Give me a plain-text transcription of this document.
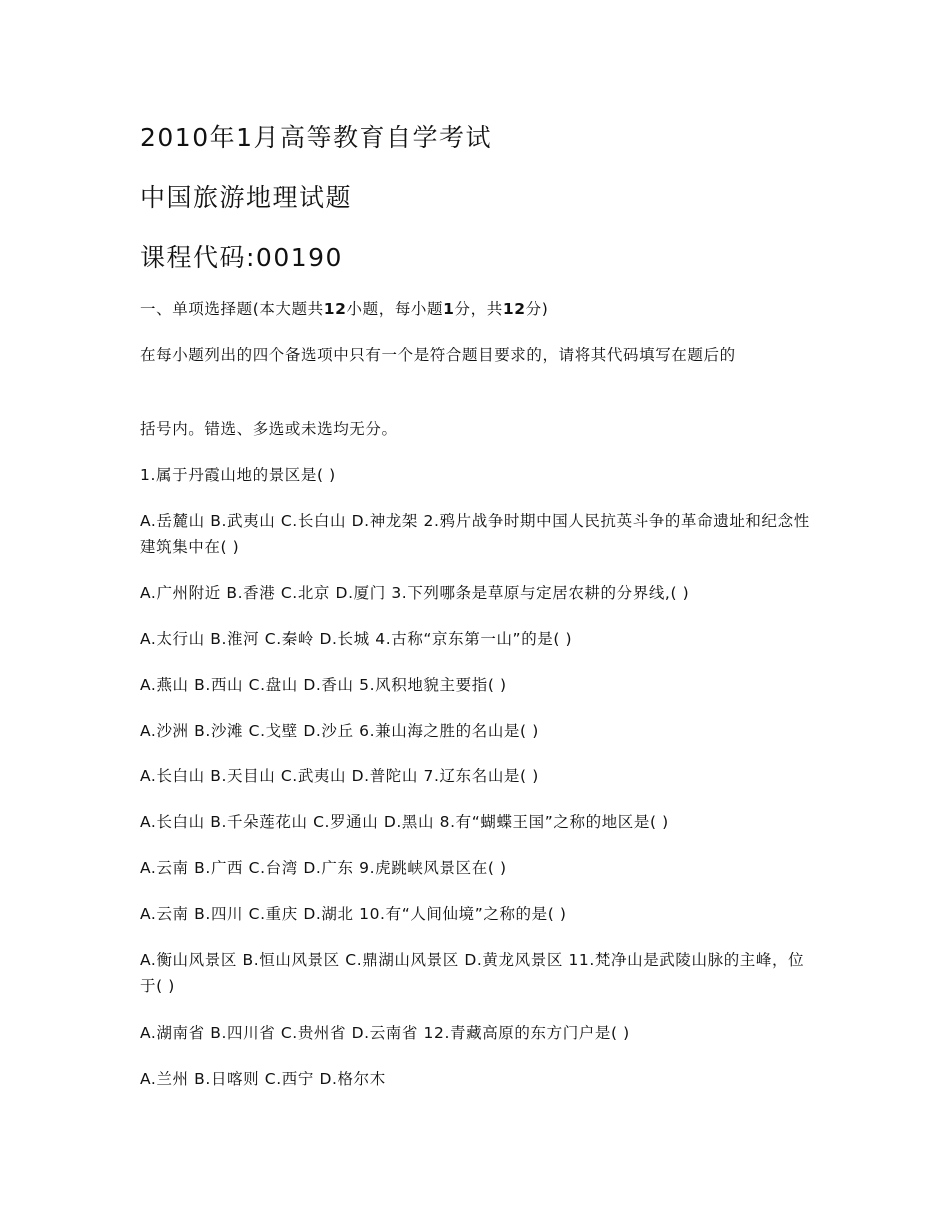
2010年1月高等教育自学考试
中国旅游地理试题
课程代码:00190
一、单项选择题(本大题共12小题，每小题1分，共12分)
在每小题列出的四个备选项中只有一个是符合题目要求的，请将其代码填写在题后的
括号内。错选、多选或未选均无分。
1.属于丹霞山地的景区是( )
A.岳麓山 B.武夷山 C.长白山 D.神龙架 2.鸦片战争时期中国人民抗英斗争的革命遗址和纪念性建筑集中在( )
A.广州附近 B.香港 C.北京 D.厦门 3.下列哪条是草原与定居农耕的分界线,( )
A.太行山 B.淮河 C.秦岭 D.长城 4.古称“京东第一山”的是( )
A.燕山 B.西山 C.盘山 D.香山 5.风积地貌主要指( )
A.沙洲 B.沙滩 C.戈壁 D.沙丘 6.兼山海之胜的名山是( )
A.长白山 B.天目山 C.武夷山 D.普陀山 7.辽东名山是( )
A.长白山 B.千朵莲花山 C.罗通山 D.黑山 8.有“蝴蝶王国”之称的地区是( )
A.云南 B.广西 C.台湾 D.广东 9.虎跳峡风景区在( )
A.云南 B.四川 C.重庆 D.湖北 10.有“人间仙境”之称的是( )
A.衡山风景区 B.恒山风景区 C.鼎湖山风景区 D.黄龙风景区 11.梵净山是武陵山脉的主峰，位于( )
A.湖南省 B.四川省 C.贵州省 D.云南省 12.青藏高原的东方门户是( )
A.兰州 B.日喀则 C.西宁 D.格尔木
